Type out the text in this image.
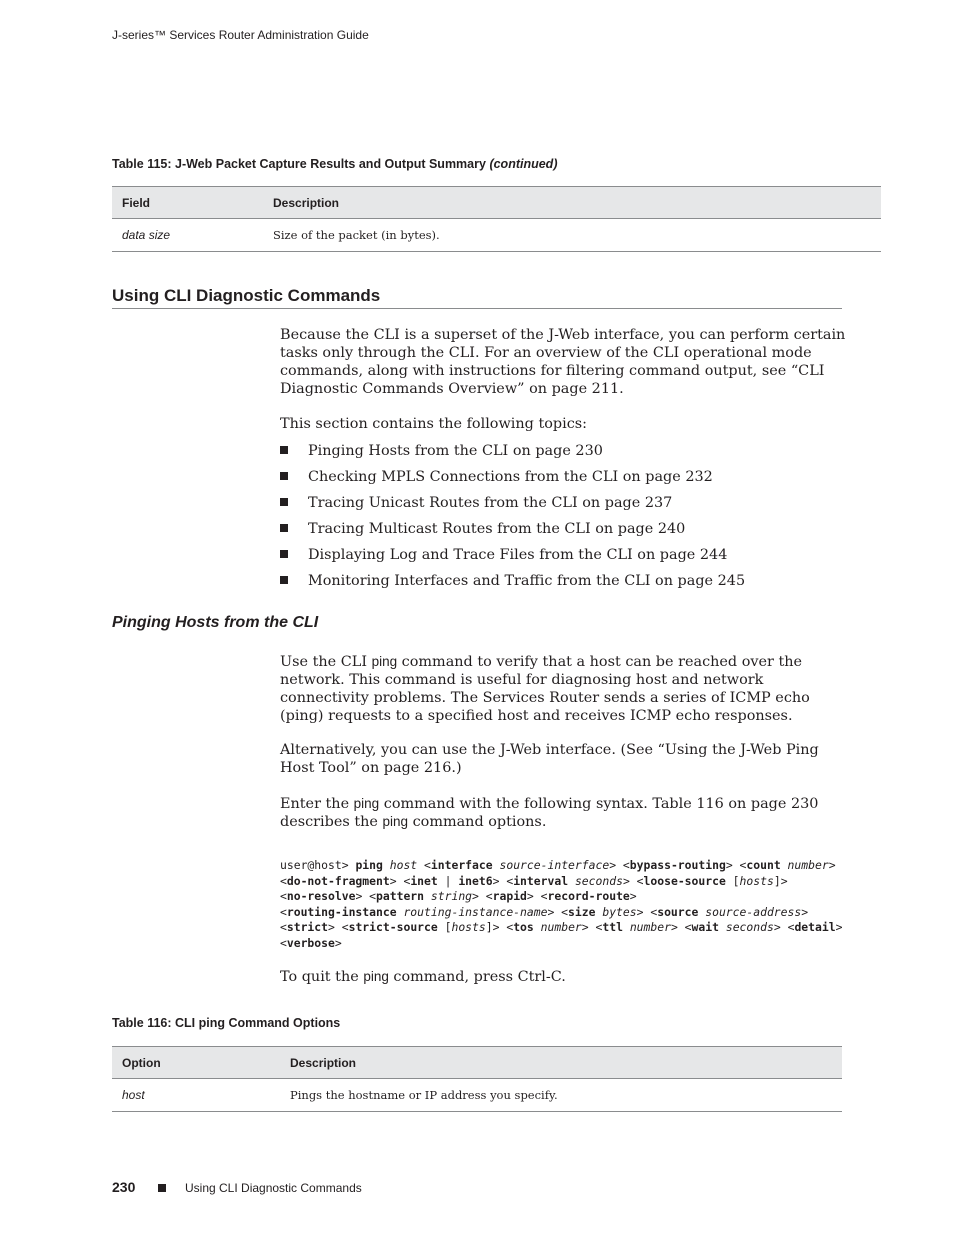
J-series™ Services Router Administration Guide
Table 115: J-Web Packet Capture Results and Output Summary (continued)
Field	Description
data size	Size of the packet (in bytes).
Using CLI Diagnostic Commands
Because the CLI is a superset of the J-Web interface, you can perform certain tasks only through the CLI. For an overview of the CLI operational mode commands, along with instructions for filtering command output, see “CLI Diagnostic Commands Overview” on page 211.
This section contains the following topics:
Pinging Hosts from the CLI on page 230
Checking MPLS Connections from the CLI on page 232
Tracing Unicast Routes from the CLI on page 237
Tracing Multicast Routes from the CLI on page 240
Displaying Log and Trace Files from the CLI on page 244
Monitoring Interfaces and Traffic from the CLI on page 245
Pinging Hosts from the CLI
Use the CLI ping command to verify that a host can be reached over the network. This command is useful for diagnosing host and network connectivity problems. The Services Router sends a series of ICMP echo (ping) requests to a specified host and receives ICMP echo responses.
Alternatively, you can use the J-Web interface. (See “Using the J-Web Ping Host Tool” on page 216.)
Enter the ping command with the following syntax. Table 116 on page 230 describes the ping command options.
user@host> ping host <interface source-interface> <bypass-routing> <count number>
<do-not-fragment> <inet | inet6> <interval seconds> <loose-source [hosts]>
<no-resolve> <pattern string> <rapid> <record-route>
<routing-instance routing-instance-name> <size bytes> <source source-address>
<strict> <strict-source [hosts]> <tos number> <ttl number> <wait seconds> <detail>
<verbose>
To quit the ping command, press Ctrl-C.
Table 116: CLI ping Command Options
Option	Description
host	Pings the hostname or IP address you specify.
230	Using CLI Diagnostic Commands
